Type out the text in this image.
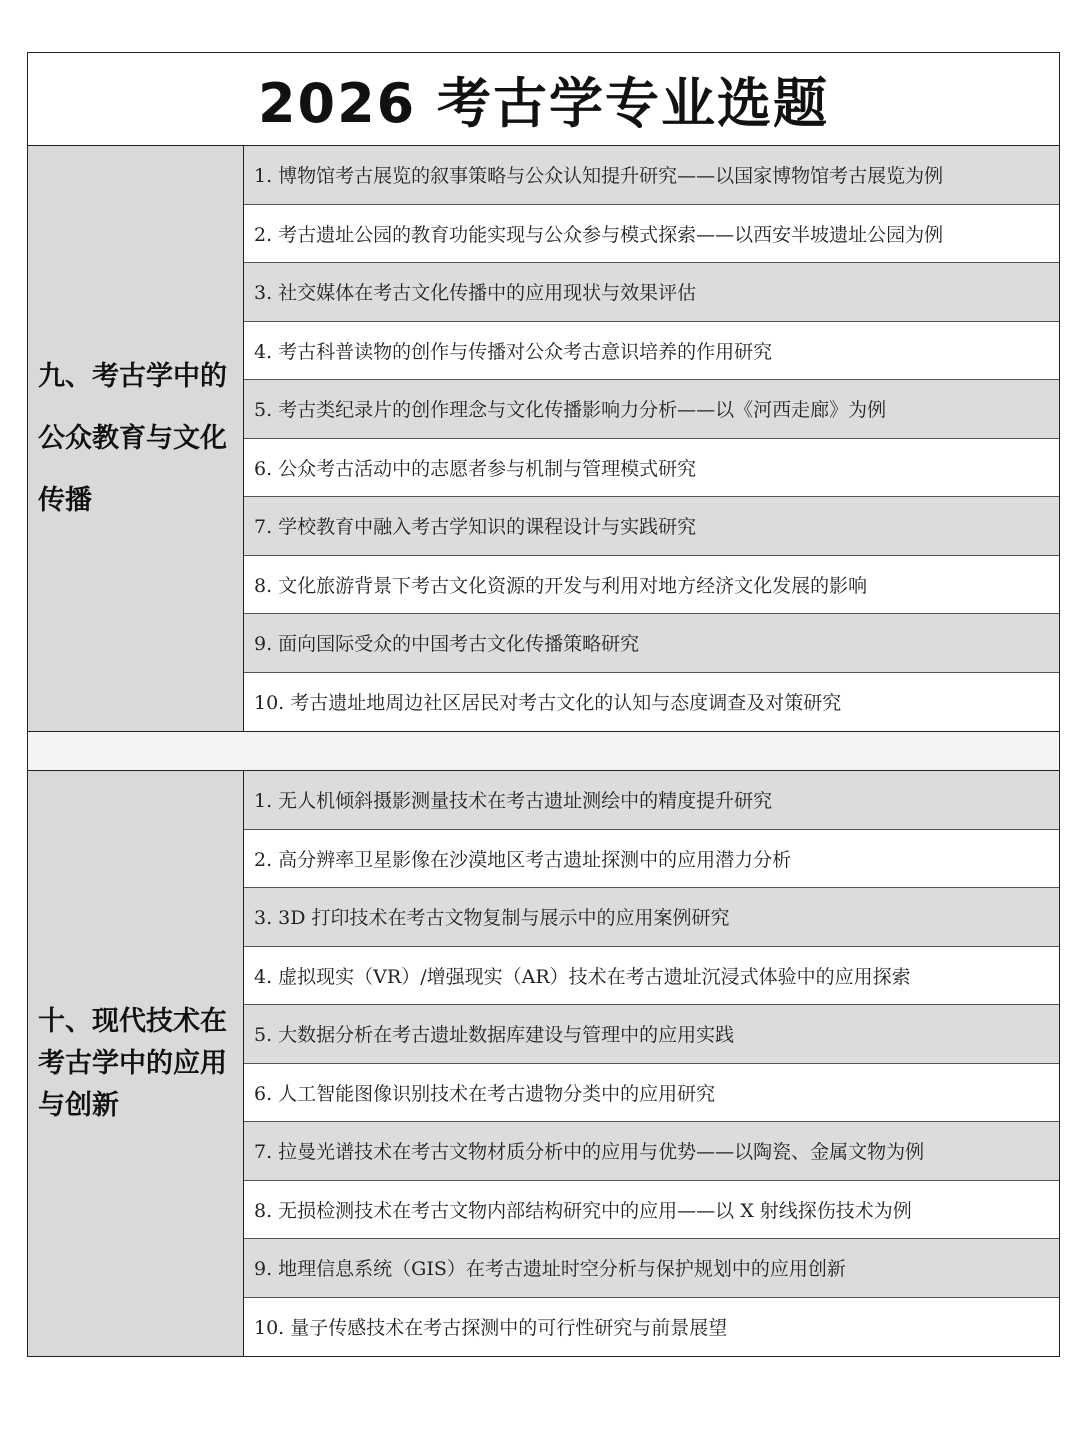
2026 考古学专业选题
九、考古学中的公众教育与文化传播
1. 博物馆考古展览的叙事策略与公众认知提升研究——以国家博物馆考古展览为例
2. 考古遗址公园的教育功能实现与公众参与模式探索——以西安半坡遗址公园为例
3. 社交媒体在考古文化传播中的应用现状与效果评估
4. 考古科普读物的创作与传播对公众考古意识培养的作用研究
5. 考古类纪录片的创作理念与文化传播影响力分析——以《河西走廊》为例
6. 公众考古活动中的志愿者参与机制与管理模式研究
7. 学校教育中融入考古学知识的课程设计与实践研究
8. 文化旅游背景下考古文化资源的开发与利用对地方经济文化发展的影响
9. 面向国际受众的中国考古文化传播策略研究
10. 考古遗址地周边社区居民对考古文化的认知与态度调查及对策研究
十、现代技术在考古学中的应用与创新
1. 无人机倾斜摄影测量技术在考古遗址测绘中的精度提升研究
2. 高分辨率卫星影像在沙漠地区考古遗址探测中的应用潜力分析
3. 3D 打印技术在考古文物复制与展示中的应用案例研究
4. 虚拟现实（VR）/增强现实（AR）技术在考古遗址沉浸式体验中的应用探索
5. 大数据分析在考古遗址数据库建设与管理中的应用实践
6. 人工智能图像识别技术在考古遗物分类中的应用研究
7. 拉曼光谱技术在考古文物材质分析中的应用与优势——以陶瓷、金属文物为例
8. 无损检测技术在考古文物内部结构研究中的应用——以 X 射线探伤技术为例
9. 地理信息系统（GIS）在考古遗址时空分析与保护规划中的应用创新
10. 量子传感技术在考古探测中的可行性研究与前景展望
